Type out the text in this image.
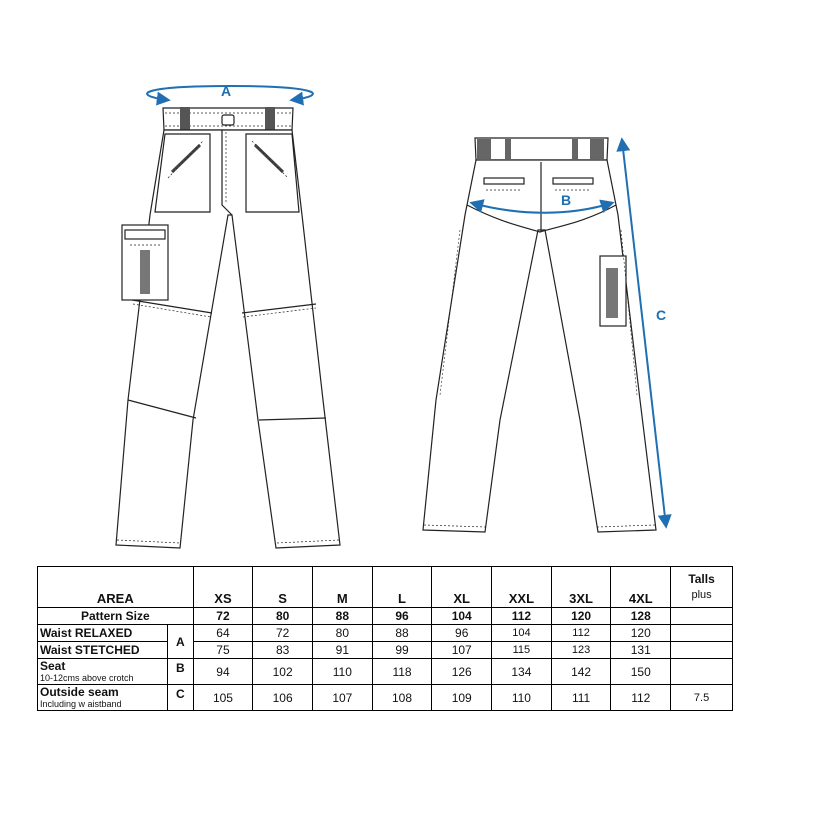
A
B
C
AREA		XS	S	M	L	XL	XXL	3XL	4XL	Talls
plus

Pattern Size		72	80	88	96	104	112	120	128	
Waist RELAXED	A	64	72	80	88	96	104	112	120	
Waist STETCHED		75	83	91	99	107	115	123	131	
Seat
10-12cms above crotch	B	94	102	110	118	126	134	142	150	
Outside seam
Including w aistband	C	105	106	107	108	109	110	111	112	7.5
